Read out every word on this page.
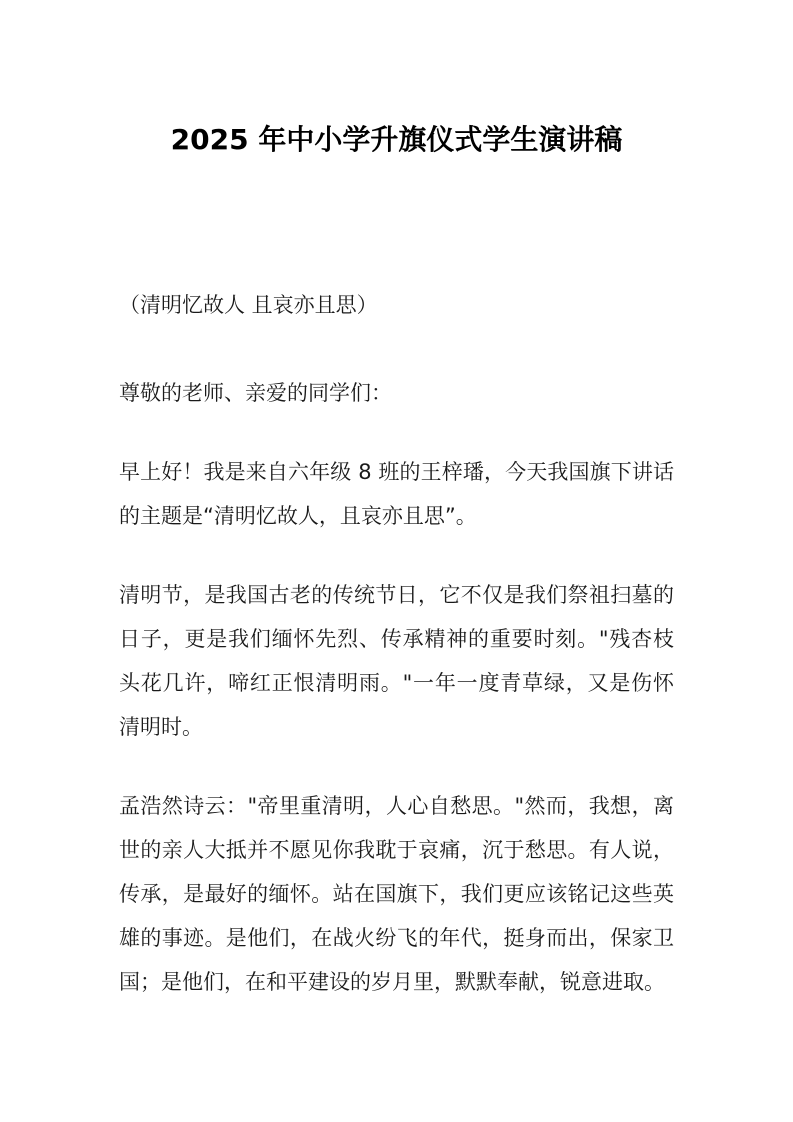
2025 年中小学升旗仪式学生演讲稿

（清明忆故人 且哀亦且思）

尊敬的老师、亲爱的同学们：

早上好！我是来自六年级 8 班的王梓璠，今天我国旗下讲话的主题是“清明忆故人，且哀亦且思”。

清明节，是我国古老的传统节日，它不仅是我们祭祖扫墓的日子，更是我们缅怀先烈、传承精神的重要时刻。"残杏枝头花几许，啼红正恨清明雨。"一年一度青草绿，又是伤怀清明时。

孟浩然诗云："帝里重清明，人心自愁思。"然而，我想，离世的亲人大抵并不愿见你我耽于哀痛，沉于愁思。有人说，传承，是最好的缅怀。站在国旗下，我们更应该铭记这些英雄的事迹。是他们，在战火纷飞的年代，挺身而出，保家卫国；是他们，在和平建设的岁月里，默默奉献，锐意进取。
